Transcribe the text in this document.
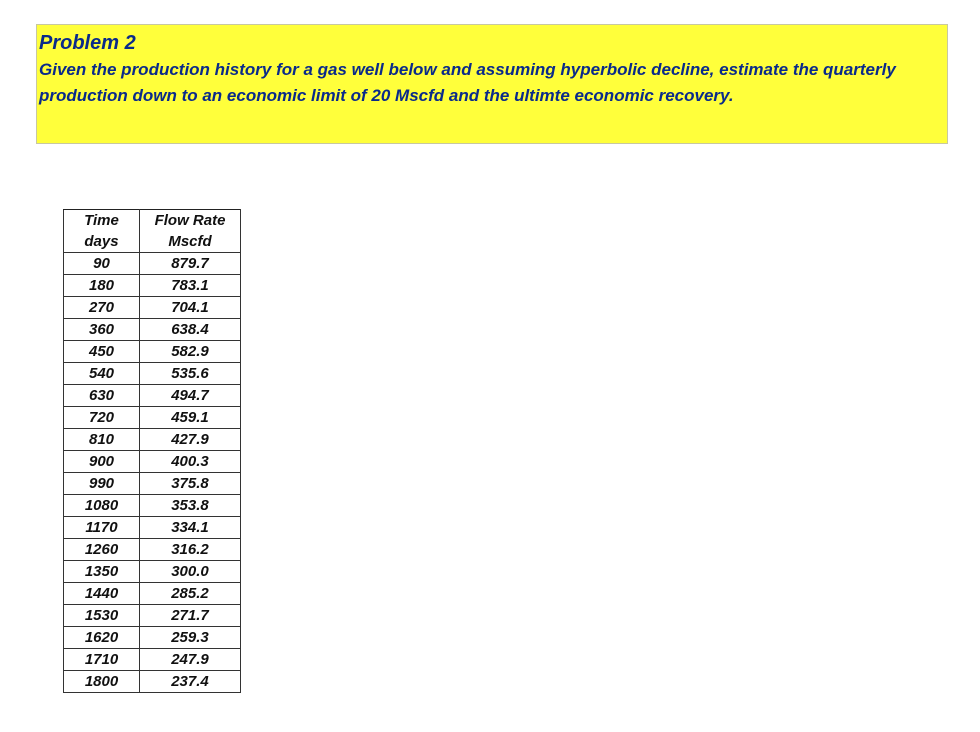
Problem 2
Given the production history for a gas well below and assuming hyperbolic decline, estimate the quarterly production down to an economic limit of 20 Mscfd and the ultimte economic recovery.
Time	Flow Rate
days	Mscfd
90	879.7
180	783.1
270	704.1
360	638.4
450	582.9
540	535.6
630	494.7
720	459.1
810	427.9
900	400.3
990	375.8
1080	353.8
1170	334.1
1260	316.2
1350	300.0
1440	285.2
1530	271.7
1620	259.3
1710	247.9
1800	237.4
